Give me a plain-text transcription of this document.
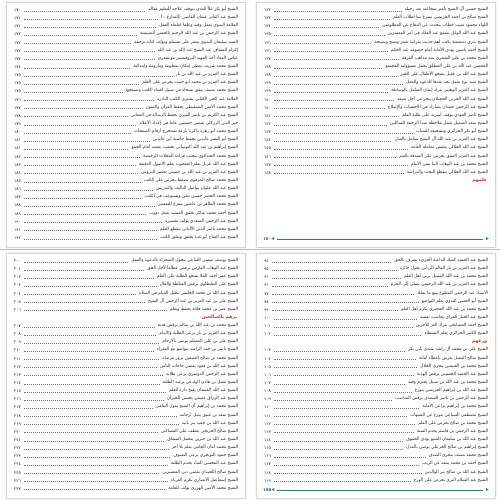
الشيخ أبو بكر علاً الفدي يتوقف علاجه للتعليم مقاله
١٧٠
الشيخ عبد القادر عشان القاضي (الشارع...)
١٧١
العلامة البدوي يعمل وقته وعلما لعلماء العمل
١٧١
الشيخ عبد الرحمن بن عبد الله الرحيم بالحسن الشبيشة
١٧٢
السيد سليمان الندوي ينشر على مستلم وتؤلف كتابه ترجمة
١٧٢
إكرام المثقاف عند الشيخ عبد الله بن عبد الله
١٧٢
عباس العقاد آخذ المهيد البروفيسير مونتغمري
١٧٣
الشيخ محمد شريف يعطي إمكان بمعلومة ومأزومة وابتدائية
١٧٤
الشيخ عبد العزيز بن عبد الله بن باز
١٧٥
الشيخ عبد العزيز بن محمد أبو حبيب يحرص على العلم
١٧٥
الشيخ محمد نصيف ينفق بسخاء في سبيل اقتناء الكتب وتصفحها
١٧٥
العلامة عبد الحي الكتاني يشتري الكتب النادرة
١٧٦
الشيخ محمد الأمين الشنقيطي يحفظ القرآن والمتون
١٧٧
الشيخ عبد الكريم بن ناصر الفيزي يحفظ الرسالة في المعاني
١٧٨
خير الدين الزركلي يمضي خمسين عاما في إعداد الأعلام
١٧٩
الشيخ محمد أبو زهرة ذاكرة بارعة تستخرج أرقام الصفحات
١٨٠
الشيخ أبو البسر عابدين يحفظ حاشية ابن عابدين
١٨١
الشيخ إبراهيم بن عبد الله البوساني يحسب نفسه أمام الجمع
١٨١
الشيخ محمد الجندلاوي يتجنب قراءة المجلات الرخيصة
١٨٢
الشيخ عبد الله غزيل يعلم المعجوب بعلم الأصول الدقيقة
١٨٣
الشيخ عبد العزيز بن عبد الله بن خميس يحضر الدروس
١٨٤
الشيخ محمد صالح المرفوي يضغط بحرص على الكتب
١٨٥
الشيخ عبد الله علوان يواصل التأليف والتدريس
١٨٦
الشيخ محمد الخضر حسين يتقن ويستوعب في الكتب
١٨٧
الشيخ محمد الطاهر بن عاشور يتفرغ للتفسير
١٨٨
الشيخ أحمد محمد شاكر يحقق المسند بعمل دؤوب
١٨٩
الشيخ عبد الرحمن السعدي يؤلف تفسيره
١٩٠
الشيخ محمد ناصر الدين الألباني ينقطع للعلم
١٩١
الشيخ عبد الفتاح أبو غدة يحقق ويعلق الكتب
١٩٢
الشيخ حسين آل الشيخ تأمير شجاعته بعد رحيله
١٣٢
الشيخ صالح بن أحمد الخريصي يشرع بيتا لطلاب العلم
١٣٣
اللواء محمود شيت خطاب يتحدث عن الدفاع عن المظلومين
١٣٤
الشيخ عبد الله الوابل يشفع عند الملك في أمر المعسرين
١٣٥
الشيخ بدري دمشقية يكتب أهم حديث بقراءة شعر ونصح ونصيحة
١٣٦
الشيخ أحمد ياسين يؤدي الأمانة أمام خصومه عند الحكم
١٣٦
الشيخ محمد بن علي الشمري ينبذ مذاهب الفرقة
١٣٧
المحسن عبد الله بن علي المطلق يحمل مسؤولية المجتمع
١٣٨
الشيخ عبد الله بن عقيل يشجع الأطفال على الخير
١٣٨
الشيخ سيد نوح يعمل بجد بعدها للدعوة والعمل
١٣٩
الشيخ عبد العزيز الوهيبي يترك إيمان التعامل بالوساطة
١٣٩
الشيخ عبد الله الحربي الحجيلان ينحر من أجل ضيفه
١٤٠
الشيخ عبد الرحمن حمدان يشارك في الاحتساب والإصلاح
١٤٠
الشيخ ناصر العودي يوقف أسرته على طلبة العلم
١٤١
الشيخ سعد الصميل يعمل ملاحظة مبدأ الرحمة للسائلين
١٤٢
الشيخ أبو بكر الجزائري وتشجيعه للشباب
١٤٣
الشيخ عبد العزيز بن عبد الله آل الشيخ يتعامل بالعدل
١٤٤
الشيخ عبد الله الجلالي ينتقص معاملة العامة
١٤٥
الشيخ عبد العزيز العتيق يحرص على الصدقة بالسر
١٤٦
الشيخ محمد بن عبد الوهاب البنا يعين الأيتام
١٤٧
الشيخ عبد الله الجلالي ينقطع للبحث والدراسة
١٤٨
علمهم
١٥٠ ◂	▸
الشيخ يوسف عيسى القناعي يتحول الصحراء بالدعوة والعمل
٢٠٠
الشيخ عبد الوهاب الفارس يرفض عظاماً لأجل الحق
٢٠١
الشيخ عمر أحمد الملا يشجع الطلبة على العلم
٢٠٢
الشيخ علي الطنطاوي يرفض السلطة والمال
٢٠٣
الشيخ عبد الله بن محمد الخليفي يطيل القيام في الصلاة
٢٠٤
الشيخ علي بن عبد العزيز بن عبد الرحمن آل الشيخ
٢٠٥
الشيخ عمر بن محمد فلاتة يحفظ ويعلم
٢٠٦
برهم بالصالحين
الشيخ محمد بن عبد الله بن سالم يرفض هدية
٢٠٧
الشيخ عبد العزيز بن باز يرعى الطلبة والأيتام
٢٠٨
الشيخ علي بن علي المسلم يوصي بالأرحام
٢٠٩
الشيخ ناصر بن حمد الراشد يتواضع مع الفقراء
٢١٠
الشيخ محمد بن صالح العثيمين يزور مرضاه
٢١١
الشيخ عبد الله بن قعود يقضي حاجات الناس
٢١٢
الشيخ عبد الرحمن الدوسري يرعى طلابه
٢١٣
الشيخ مقبل بن هادي الوادعي يرشد الطلبة
٢١٤
الشيخ عبد الله الغنيمان يفتح داره للعلم
٢١٥
الشيخ عبد الرزاق عفيفي يحسن للجيران
٢١٦
الشيخ محمد بن إبراهيم آل الشيخ يعول اليتامى
٢١٧
الشيخ سعد بن عتيق يصل أرحامه
٢١٨
الشيخ عبد الله بن حميد يبر بأبيه
٢١٩
الشيخ صالح الخريجي يعطف على المساكين
٢٢٠
الشيخ عبد الله بن جبرين يتحمل المشاق
٢٢١
الشيخ محمد أمان الجامي يعلم بلا أجر
٢٢٢
الشيخ حمود التويجري يرعى الضيوف
٢٢٣
الشيخ عبد المحسن العباد يخدم الطلبة
٢٢٤
الشيخ صالح اللحيدان يقضي دين المعسرين
٢٢٥
الشيخ إسماعيل الأنصاري يكرم الغرباء
٢٢٦
الشيخ محمد الأمين الهرري يؤلف للعامة
٢٢٧
الشيخ عبد الحميد كشك الداعية الجريء يعترف بالحق
٩٤
الشيخ عبد العزيز بن باز العالم الرباني يحول جائزة
٩٥
الشيخ محمد بن عبد الله السبيل يربي أهل العلم
٩٦
الشيخ عبد العزيز بن عبد الله الرحيمي يصلي إلى الحرم
٩٦
الأستاذ عبد الرحمن المطوع يبيع ما يملك
٩٧
الشيخ أبو الحسن الندوي يعلم التواضع
٩٨
الشيخ محمد بن عبد الله الحجيري يكرم أهل العلم
٩٩
الشيخ عبد الجبار المراي يحاسب نفسه
١٠٠
الشيخ أحمد المشايخي يترك العز للآخرين
١٠١
الشيخ الكبير الجزائري يعلم البسطاء
١٠٢
ورعهم
الشيخ علي بن محمد آل راشد يقتدي بأبي بكر
١٠٣
الشيخ صالح المقبل يعرض بإعطاء أمانة
١٠٤
الشيخ محمد بن العثيمين يتحرى الحلال
١٠٥
الشيخ عبد الحميد الحسيني يرفض الهدية
١٠٦
الشيخ محمد بن عبد الله بن سبيل يحترم وقته
١٠٧
الشيخ عبد الله بن إبراهيم الجريسي يتورع
١٠٨
الشيخ عبد الرحمن بن ناصر السعدي يرفض المناصب
١٠٩
الشيخ محمد بن إبراهيم يراعي الأمانة
١١٠
الشيخ مصطفى السباعي يتورع عن الشبهات
١١١
الشيخ محمد بن صالح يحرص على العلم
١١٢
الشيخ عبد الرحمن بن قاسم يخدم السنة
١١٣
الشيخ عبد الله بن سليمان المنيع يؤدي الحقوق
١١٤
الشيخ إبراهيم بن صالح الخزعلي يوصي بالعدل
١١٥
الشيخ محمد نصيف يتحرى الصدق
١١٦
الشيخ أحمد بن محمد يبتعد عن الريب
١١٧
الشيخ عبد الله بن صالح يبر الوالدين
١١٨
الشيخ عبد السلام البري يحرص على الورع
١١٩
١٥٥ ◂	▸
